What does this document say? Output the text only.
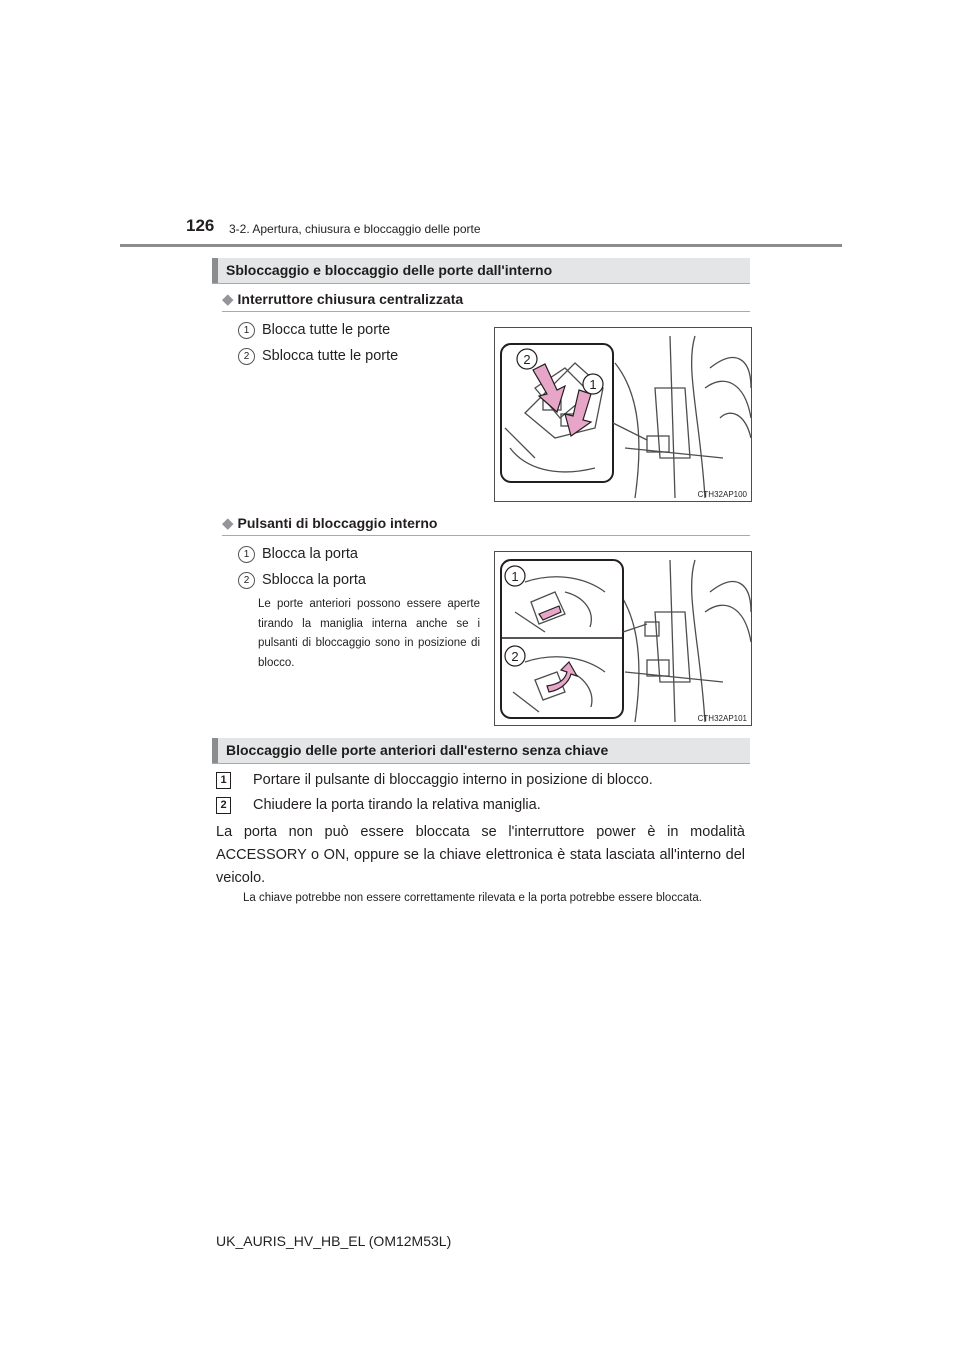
126 3-2. Apertura, chiusura e bloccaggio delle porte
Sbloccaggio e bloccaggio delle porte dall'interno
◆ Interruttore chiusura centralizzata
1 Blocca tutte le porte
2 Sblocca tutte le porte	2
1
CTH32AP100
◆ Pulsanti di bloccaggio interno
1 Blocca la porta
2 Sblocca la porta
Le porte anteriori possono essere aperte tirando la maniglia interna anche se i pulsanti di bloccaggio sono in posizione di blocco.
1
2
CTH32AP101
Bloccaggio delle porte anteriori dall'esterno senza chiave
1 Portare il pulsante di bloccaggio interno in posizione di blocco.
2 Chiudere la porta tirando la relativa maniglia.
La porta non può essere bloccata se l'interruttore power è in modalità ACCESSORY o ON, oppure se la chiave elettronica è stata lasciata all'interno del veicolo.
La chiave potrebbe non essere correttamente rilevata e la porta potrebbe essere bloccata.
UK_AURIS_HV_HB_EL (OM12M53L)
